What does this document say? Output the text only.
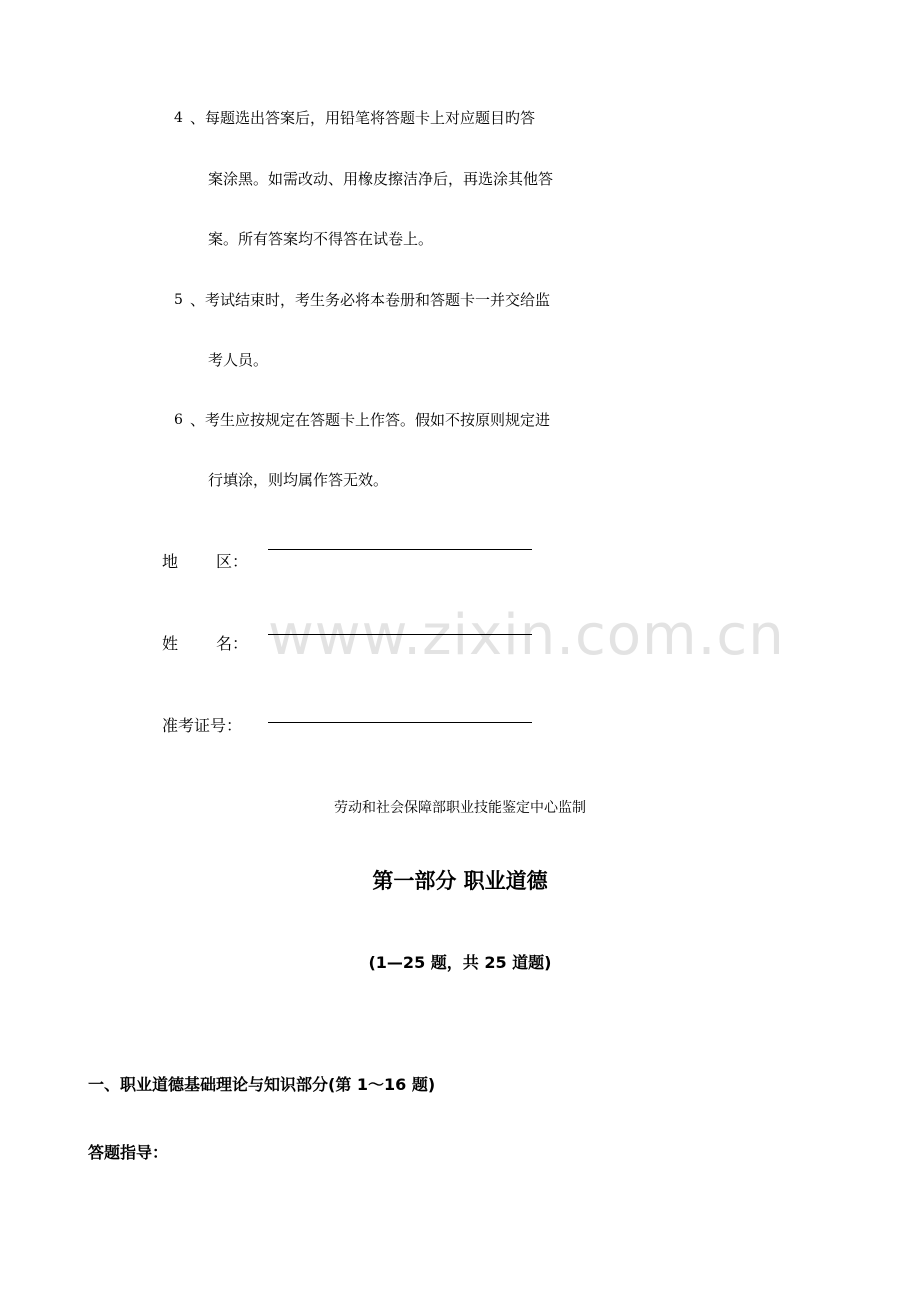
4 、每题选出答案后，用铅笔将答题卡上对应题目旳答
案涂黑。如需改动、用橡皮擦洁净后，再选涂其他答
案。所有答案均不得答在试卷上。
5 、考试结束时，考生务必将本卷册和答题卡一并交给监
考人员。
6 、考生应按规定在答题卡上作答。假如不按原则规定进
行填涂，则均属作答无效。
地 区：
姓 名： www.zixin.com.cn
准考证号：
劳动和社会保障部职业技能鉴定中心监制
第一部分 职业道德
(1—25 题，共 25 道题)
一、职业道德基础理论与知识部分(第 1～16 题)
答题指导：
